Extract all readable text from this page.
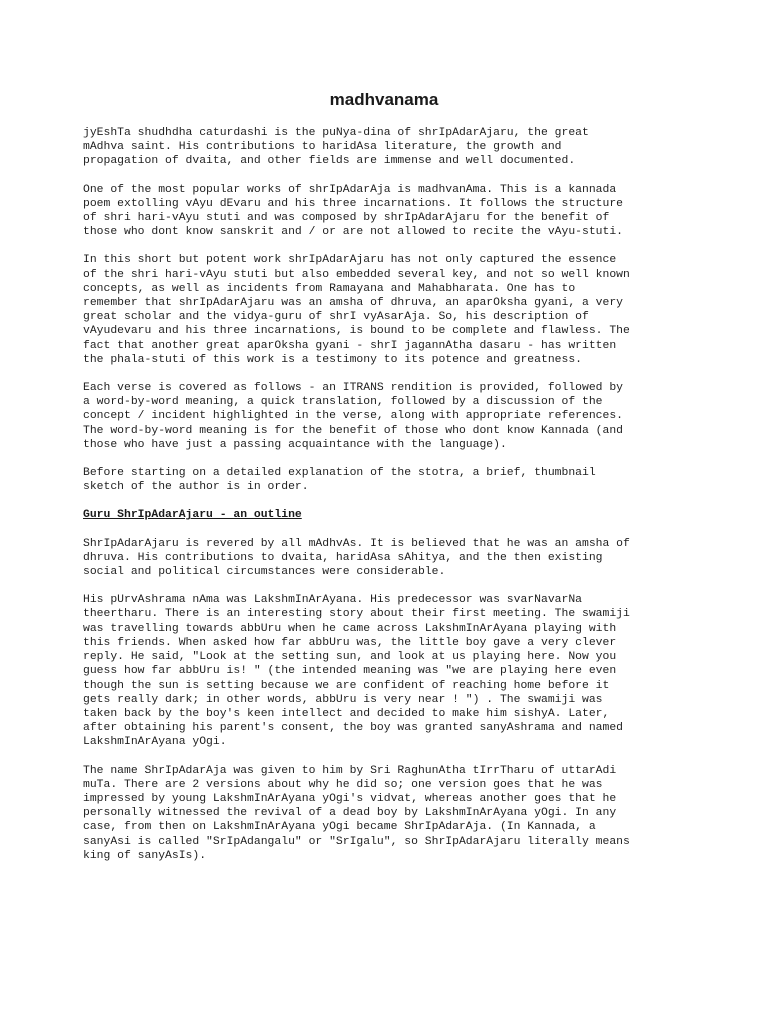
madhvanama

jyEshTa shudhdha caturdashi is the puNya-dina of shrIpAdarAjaru, the great
mAdhva saint. His contributions to haridAsa literature, the growth and
propagation of dvaita, and other fields are immense and well documented.

One of the most popular works of shrIpAdarAja is madhvanAma. This is a kannada
poem extolling vAyu dEvaru and his three incarnations. It follows the structure
of shri hari-vAyu stuti and was composed by shrIpAdarAjaru for the benefit of
those who dont know sanskrit and / or are not allowed to recite the vAyu-stuti.

In this short but potent work shrIpAdarAjaru has not only captured the essence
of the shri hari-vAyu stuti but also embedded several key, and not so well known
concepts, as well as incidents from Ramayana and Mahabharata. One has to
remember that shrIpAdarAjaru was an amsha of dhruva, an aparOksha gyani, a very
great scholar and the vidya-guru of shrI vyAsarAja. So, his description of
vAyudevaru and his three incarnations, is bound to be complete and flawless. The
fact that another great aparOksha gyani - shrI jagannAtha dasaru - has written
the phala-stuti of this work is a testimony to its potence and greatness.

Each verse is covered as follows - an ITRANS rendition is provided, followed by
a word-by-word meaning, a quick translation, followed by a discussion of the
concept / incident highlighted in the verse, along with appropriate references.
The word-by-word meaning is for the benefit of those who dont know Kannada (and
those who have just a passing acquaintance with the language).

Before starting on a detailed explanation of the stotra, a brief, thumbnail
sketch of the author is in order.

Guru ShrIpAdarAjaru - an outline

ShrIpAdarAjaru is revered by all mAdhvAs. It is believed that he was an amsha of
dhruva. His contributions to dvaita, haridAsa sAhitya, and the then existing
social and political circumstances were considerable.

His pUrvAshrama nAma was LakshmInArAyana. His predecessor was svarNavarNa
theertharu. There is an interesting story about their first meeting. The swamiji
was travelling towards abbUru when he came across LakshmInArAyana playing with
this friends. When asked how far abbUru was, the little boy gave a very clever
reply. He said, "Look at the setting sun, and look at us playing here. Now you
guess how far abbUru is! " (the intended meaning was "we are playing here even
though the sun is setting because we are confident of reaching home before it
gets really dark; in other words, abbUru is very near ! ") . The swamiji was
taken back by the boy's keen intellect and decided to make him sishyA. Later,
after obtaining his parent's consent, the boy was granted sanyAshrama and named
LakshmInArAyana yOgi.

The name ShrIpAdarAja was given to him by Sri RaghunAtha tIrrTharu of uttarAdi
muTa. There are 2 versions about why he did so; one version goes that he was
impressed by young LakshmInArAyana yOgi's vidvat, whereas another goes that he
personally witnessed the revival of a dead boy by LakshmInArAyana yOgi. In any
case, from then on LakshmInArAyana yOgi became ShrIpAdarAja. (In Kannada, a
sanyAsi is called "SrIpAdangalu" or "SrIgalu", so ShrIpAdarAjaru literally means
king of sanyAsIs).
